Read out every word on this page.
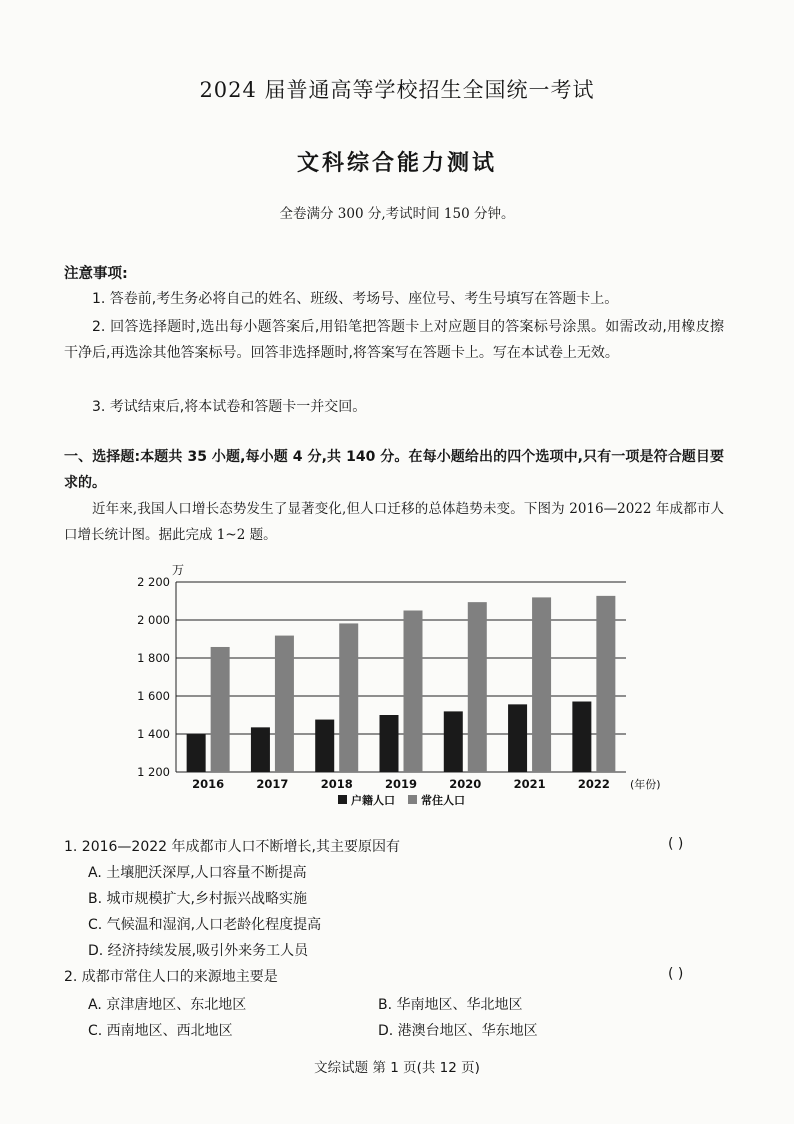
2024 届普通高等学校招生全国统一考试
文科综合能力测试
全卷满分 300 分,考试时间 150 分钟。
注意事项:
1. 答卷前,考生务必将自己的姓名、班级、考场号、座位号、考生号填写在答题卡上。
2. 回答选择题时,选出每小题答案后,用铅笔把答题卡上对应题目的答案标号涂黑。如需改动,用橡皮擦干净后,再选涂其他答案标号。回答非选择题时,将答案写在答题卡上。写在本试卷上无效。
3. 考试结束后,将本试卷和答题卡一并交回。
一、选择题:本题共 35 小题,每小题 4 分,共 140 分。在每小题给出的四个选项中,只有一项是符合题目要求的。
近年来,我国人口增长态势发生了显著变化,但人口迁移的总体趋势未变。下图为 2016—2022 年成都市人口增长统计图。据此完成 1~2 题。
万
1 200
1 400
1 600
1 800
2 000
2 200
2016	2017	2018	2019	2020	2021	2022 (年份)
户籍人口 常住人口
1. 2016—2022 年成都市人口不断增长,其主要原因有	( )
A. 土壤肥沃深厚,人口容量不断提高
B. 城市规模扩大,乡村振兴战略实施
C. 气候温和湿润,人口老龄化程度提高
D. 经济持续发展,吸引外来务工人员
2. 成都市常住人口的来源地主要是	( )
A. 京津唐地区、东北地区	B. 华南地区、华北地区
C. 西南地区、西北地区	D. 港澳台地区、华东地区
文综试题 第 1 页(共 12 页)
